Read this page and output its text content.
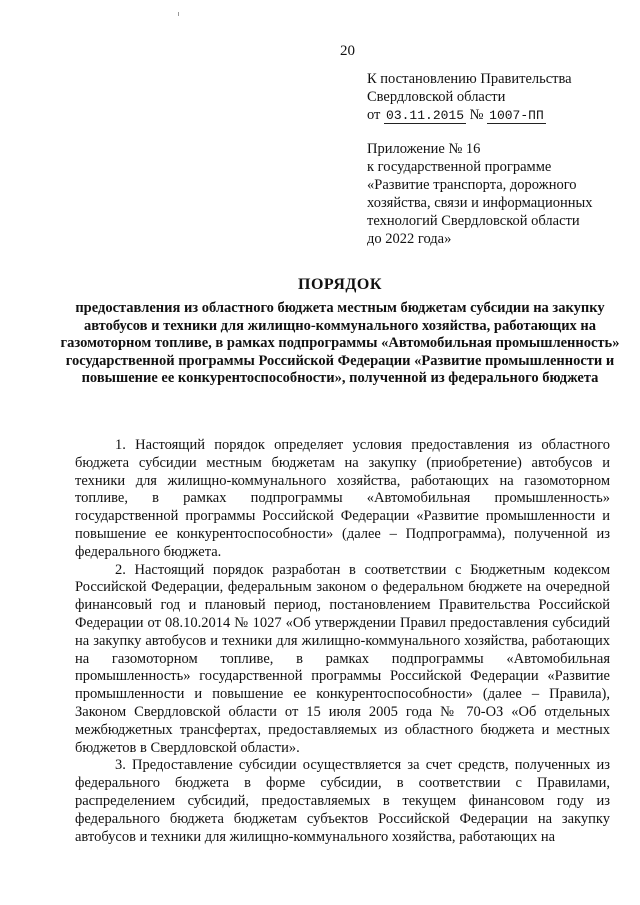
20
К постановлению Правительства
Свердловской области
от 03.11.2015 № 1007-ПП
Приложение № 16
к государственной программе
«Развитие транспорта, дорожного
хозяйства, связи и информационных
технологий Свердловской области
до 2022 года»
ПОРЯДОК
предоставления из областного бюджета местным бюджетам субсидии на закупку автобусов и техники для жилищно-коммунального хозяйства, работающих на газомоторном топливе, в рамках подпрограммы «Автомобильная промышленность» государственной программы Российской Федерации «Развитие промышленности и повышение ее конкурентоспособности», полученной из федерального бюджета

1. Настоящий порядок определяет условия предоставления из областного бюджета субсидии местным бюджетам на закупку (приобретение) автобусов и техники для жилищно-коммунального хозяйства, работающих на газомоторном топливе, в рамках подпрограммы «Автомобильная промышленность» государственной программы Российской Федерации «Развитие промышленности и повышение ее конкурентоспособности» (далее – Подпрограмма), полученной из федерального бюджета.

2. Настоящий порядок разработан в соответствии с Бюджетным кодексом Российской Федерации, федеральным законом о федеральном бюджете на очередной финансовый год и плановый период, постановлением Правительства Российской Федерации от 08.10.2014 № 1027 «Об утверждении Правил предоставления субсидий на закупку автобусов и техники для жилищно-коммунального хозяйства, работающих на газомоторном топливе, в рамках подпрограммы «Автомобильная промышленность» государственной программы Российской Федерации «Развитие промышленности и повышение ее конкурентоспособности» (далее – Правила), Законом Свердловской области от 15 июля 2005 года № 70-ОЗ «Об отдельных межбюджетных трансфертах, предоставляемых из областного бюджета и местных бюджетов в Свердловской области».

3. Предоставление субсидии осуществляется за счет средств, полученных из федерального бюджета в форме субсидии, в соответствии с Правилами, распределением субсидий, предоставляемых в текущем финансовом году из федерального бюджета бюджетам субъектов Российской Федерации на закупку автобусов и техники для жилищно-коммунального хозяйства, работающих на
